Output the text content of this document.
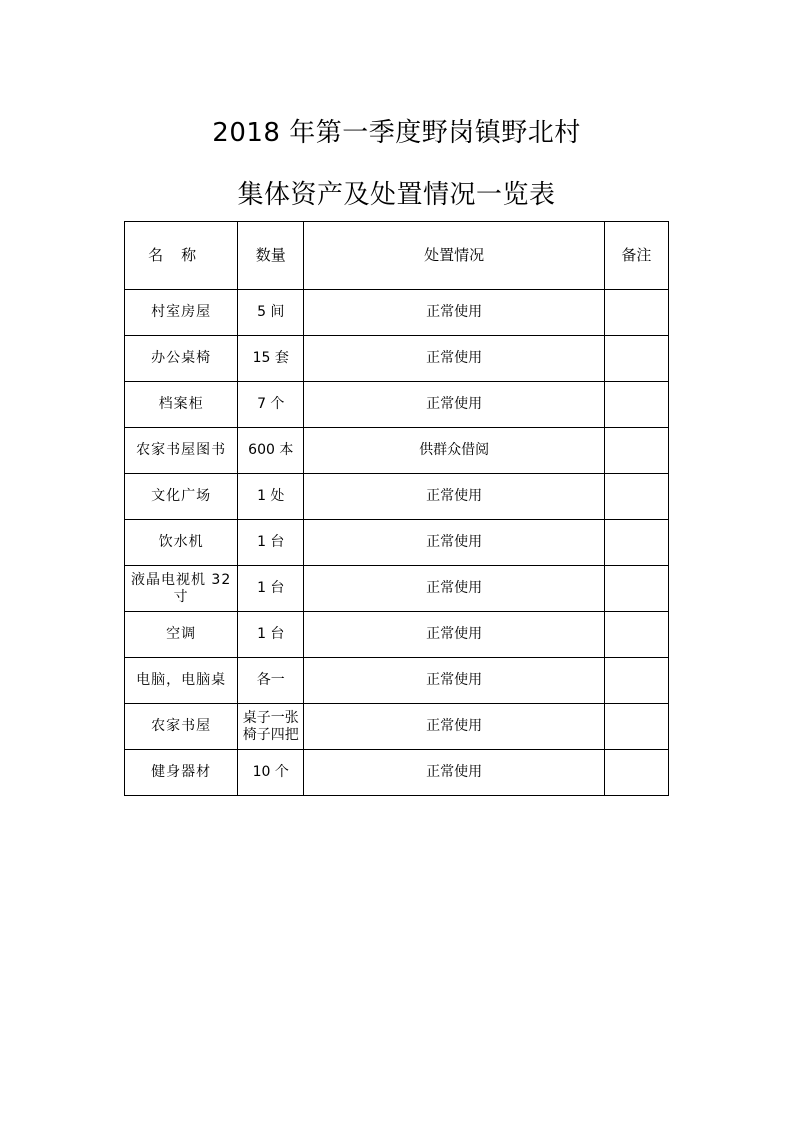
2018 年第一季度野岗镇野北村
集体资产及处置情况一览表
名称	数量	处置情况	备注
村室房屋	5 间	正常使用	
办公桌椅	15 套	正常使用	
档案柜	7 个	正常使用	
农家书屋图书	600 本	供群众借阅	
文化广场	1 处	正常使用	
饮水机	1 台	正常使用	
液晶电视机 32 寸	1 台	正常使用	
空调	1 台	正常使用	
电脑，电脑桌	各一	正常使用	
农家书屋	桌子一张椅子四把	正常使用	
健身器材	10 个	正常使用	
